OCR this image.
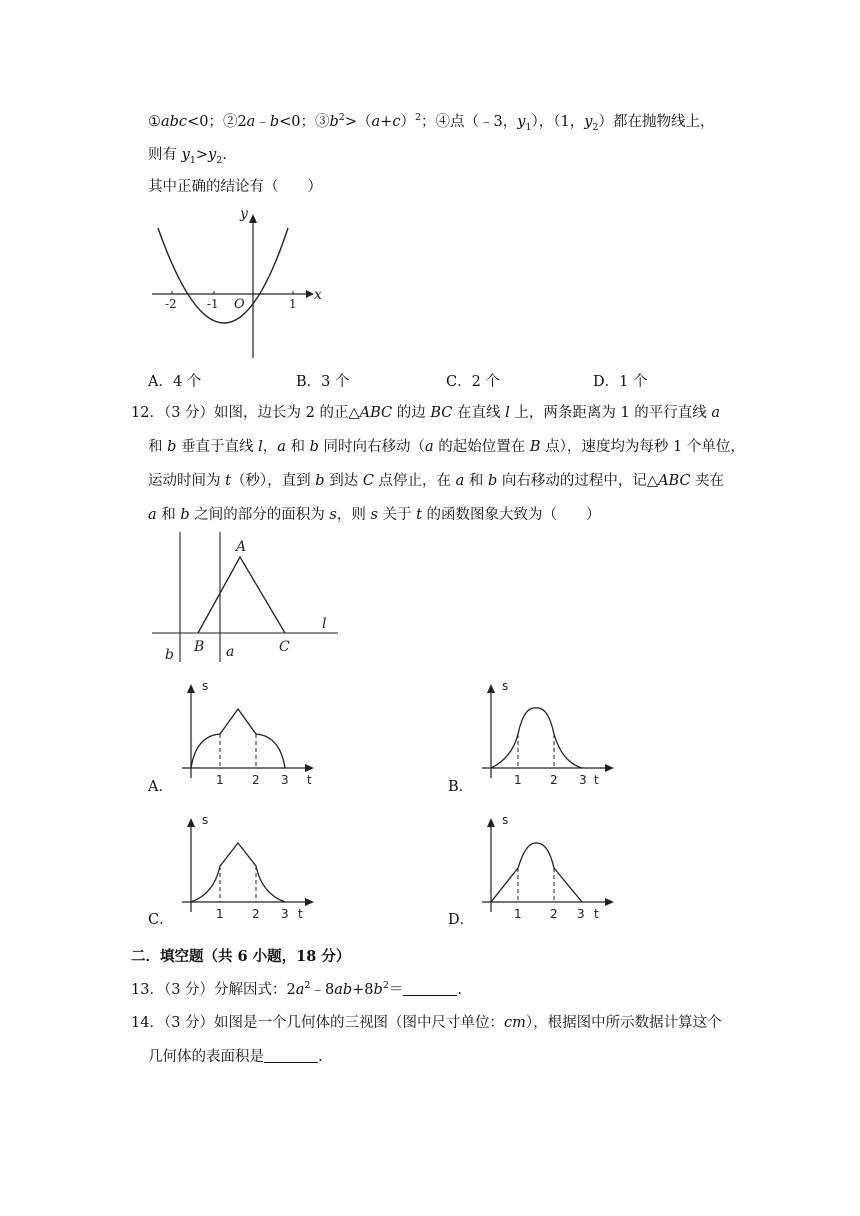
①abc<0；②2a﹣b<0；$③b^2>(a+c)^2$；④点（﹣3，$y_1$），（1，$y_2$）都在抛物线上，
则有 $y_1>y_2$.
其中正确的结论有（　　）
y
x
-2	-1 O	1
A．4 个	B．3 个	C．2 个	D．1 个
12．（3 分）如图，边长为 2 的正△ABC 的边 BC 在直线 l 上，两条距离为 1 的平行直线 a
和 b 垂直于直线 l，a 和 b 同时向右移动（a 的起始位置在 B 点），速度均为每秒 1 个单位，
运动时间为 t（秒），直到 b 到达 C 点停止，在 a 和 b 向右移动的过程中，记△ABC 夹在
a 和 b 之间的部分的面积为 s，则 s 关于 t 的函数图象大致为（　　）
A
B	C
a
b
l
A．
s
1 2 3 t	B．
s
1 2 3 t
C．
s
1 2 3 t	D．
s
1 2 3 t
二．填空题（共 6 小题，18 分）
13．（3 分）分解因式：$2a^2﹣8ab+8b^2=$	.
14．（3 分）如图是一个几何体的三视图（图中尺寸单位：cm），根据图中所示数据计算这个
几何体的表面积是	.
